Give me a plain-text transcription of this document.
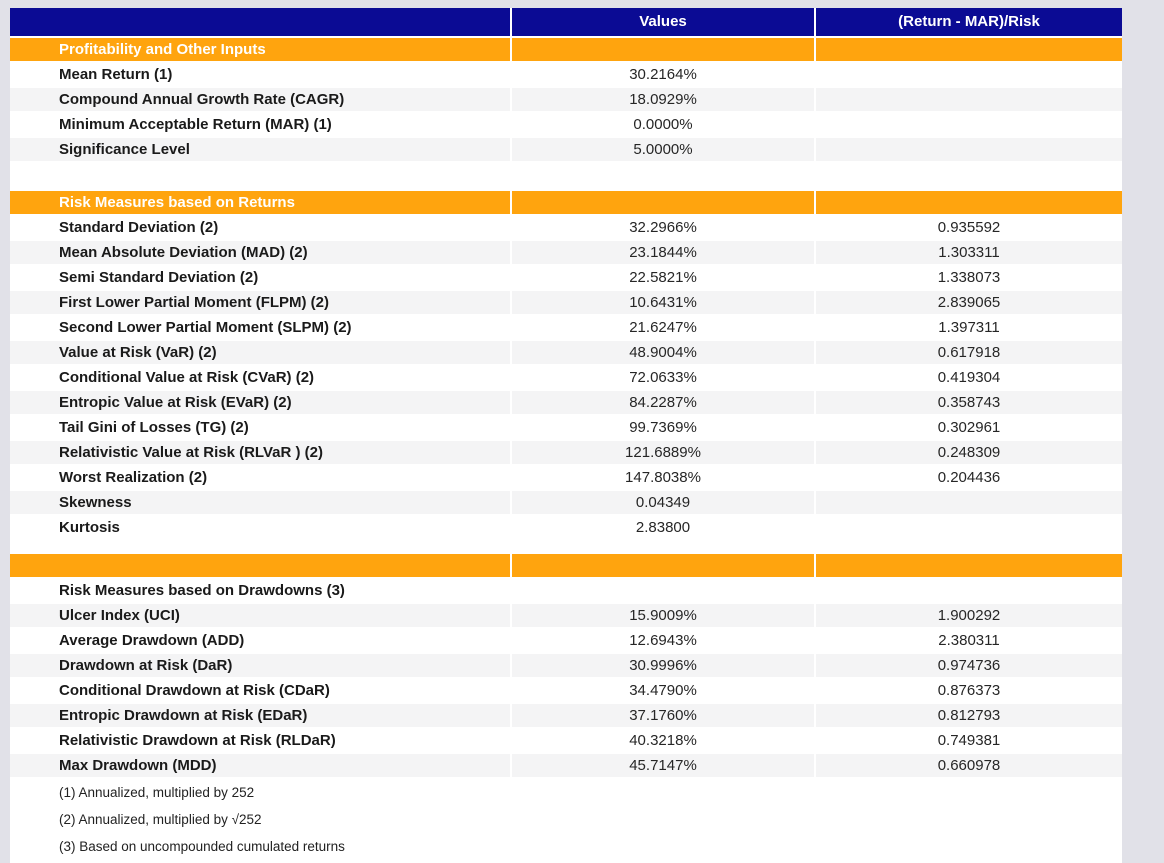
Values	(Return - MAR)/Risk
Profitability and Other Inputs
Mean Return (1)	30.2164%
Compound Annual Growth Rate (CAGR)	18.0929%
Minimum Acceptable Return (MAR) (1)	0.0000%
Significance Level	5.0000%
Risk Measures based on Returns
Standard Deviation (2)	32.2966%	0.935592
Mean Absolute Deviation (MAD) (2)	23.1844%	1.303311
Semi Standard Deviation (2)	22.5821%	1.338073
First Lower Partial Moment (FLPM) (2)	10.6431%	2.839065
Second Lower Partial Moment (SLPM) (2)	21.6247%	1.397311
Value at Risk (VaR) (2)	48.9004%	0.617918
Conditional Value at Risk (CVaR) (2)	72.0633%	0.419304
Entropic Value at Risk (EVaR) (2)	84.2287%	0.358743
Tail Gini of Losses (TG) (2)	99.7369%	0.302961
Relativistic Value at Risk (RLVaR ) (2)	121.6889%	0.248309
Worst Realization (2)	147.8038%	0.204436
Skewness	0.04349
Kurtosis	2.83800
Risk Measures based on Drawdowns (3)
Ulcer Index (UCI)	15.9009%	1.900292
Average Drawdown (ADD)	12.6943%	2.380311
Drawdown at Risk (DaR)	30.9996%	0.974736
Conditional Drawdown at Risk (CDaR)	34.4790%	0.876373
Entropic Drawdown at Risk (EDaR)	37.1760%	0.812793
Relativistic Drawdown at Risk (RLDaR)	40.3218%	0.749381
Max Drawdown (MDD)	45.7147%	0.660978
(1) Annualized, multiplied by 252
(2) Annualized, multiplied by √252
(3) Based on uncompounded cumulated returns
